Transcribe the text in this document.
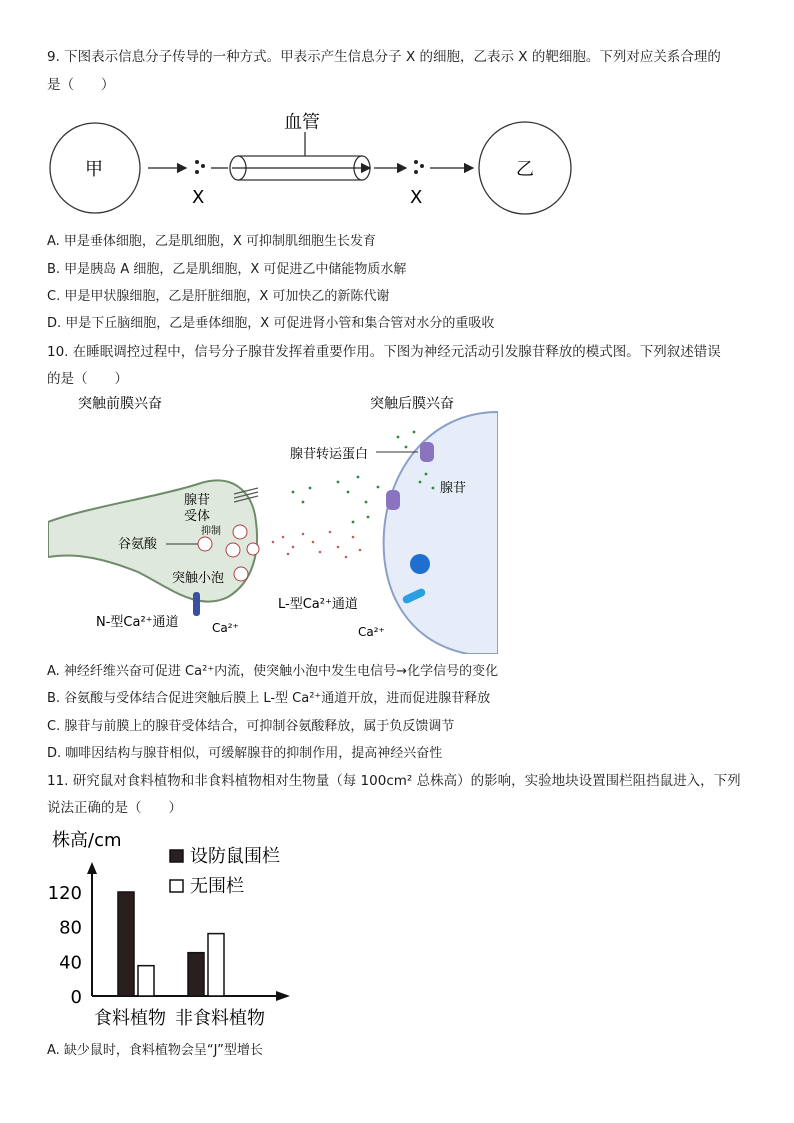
9. 下图表示信息分子传导的一种方式。甲表示产生信息分子 X 的细胞，乙表示 X 的靶细胞。下列对应关系合理的
是（　　）
甲
X
血管
X
乙
A. 甲是垂体细胞，乙是肌细胞，X 可抑制肌细胞生长发育
B. 甲是胰岛 A 细胞，乙是肌细胞，X 可促进乙中储能物质水解
C. 甲是甲状腺细胞，乙是肝脏细胞，X 可加快乙的新陈代谢
D. 甲是下丘脑细胞，乙是垂体细胞，X 可促进肾小管和集合管对水分的重吸收
10. 在睡眠调控过程中，信号分子腺苷发挥着重要作用。下图为神经元活动引发腺苷释放的模式图。下列叙述错误
的是（　　）
突触前膜兴奋	突触后膜兴奋
腺苷
受体
抑制
谷氨酸
突触小泡
N-型Ca²⁺通道	Ca²⁺
腺苷转运蛋白
腺苷
L-型Ca²⁺通道
Ca²⁺
A. 神经纤维兴奋可促进 Ca²⁺内流，使突触小泡中发生电信号→化学信号的变化
B. 谷氨酸与受体结合促进突触后膜上 L-型 Ca²⁺通道开放，进而促进腺苷释放
C. 腺苷与前膜上的腺苷受体结合，可抑制谷氨酸释放，属于负反馈调节
D. 咖啡因结构与腺苷相似，可缓解腺苷的抑制作用，提高神经兴奋性
11. 研究鼠对食料植物和非食料植物相对生物量（每 100cm² 总株高）的影响，实验地块设置围栏阻挡鼠进入，下列
说法正确的是（　　）
株高/cm
0
40
80
120
食料植物 非食料植物
设防鼠围栏
无围栏
A. 缺少鼠时，食料植物会呈“J”型增长
